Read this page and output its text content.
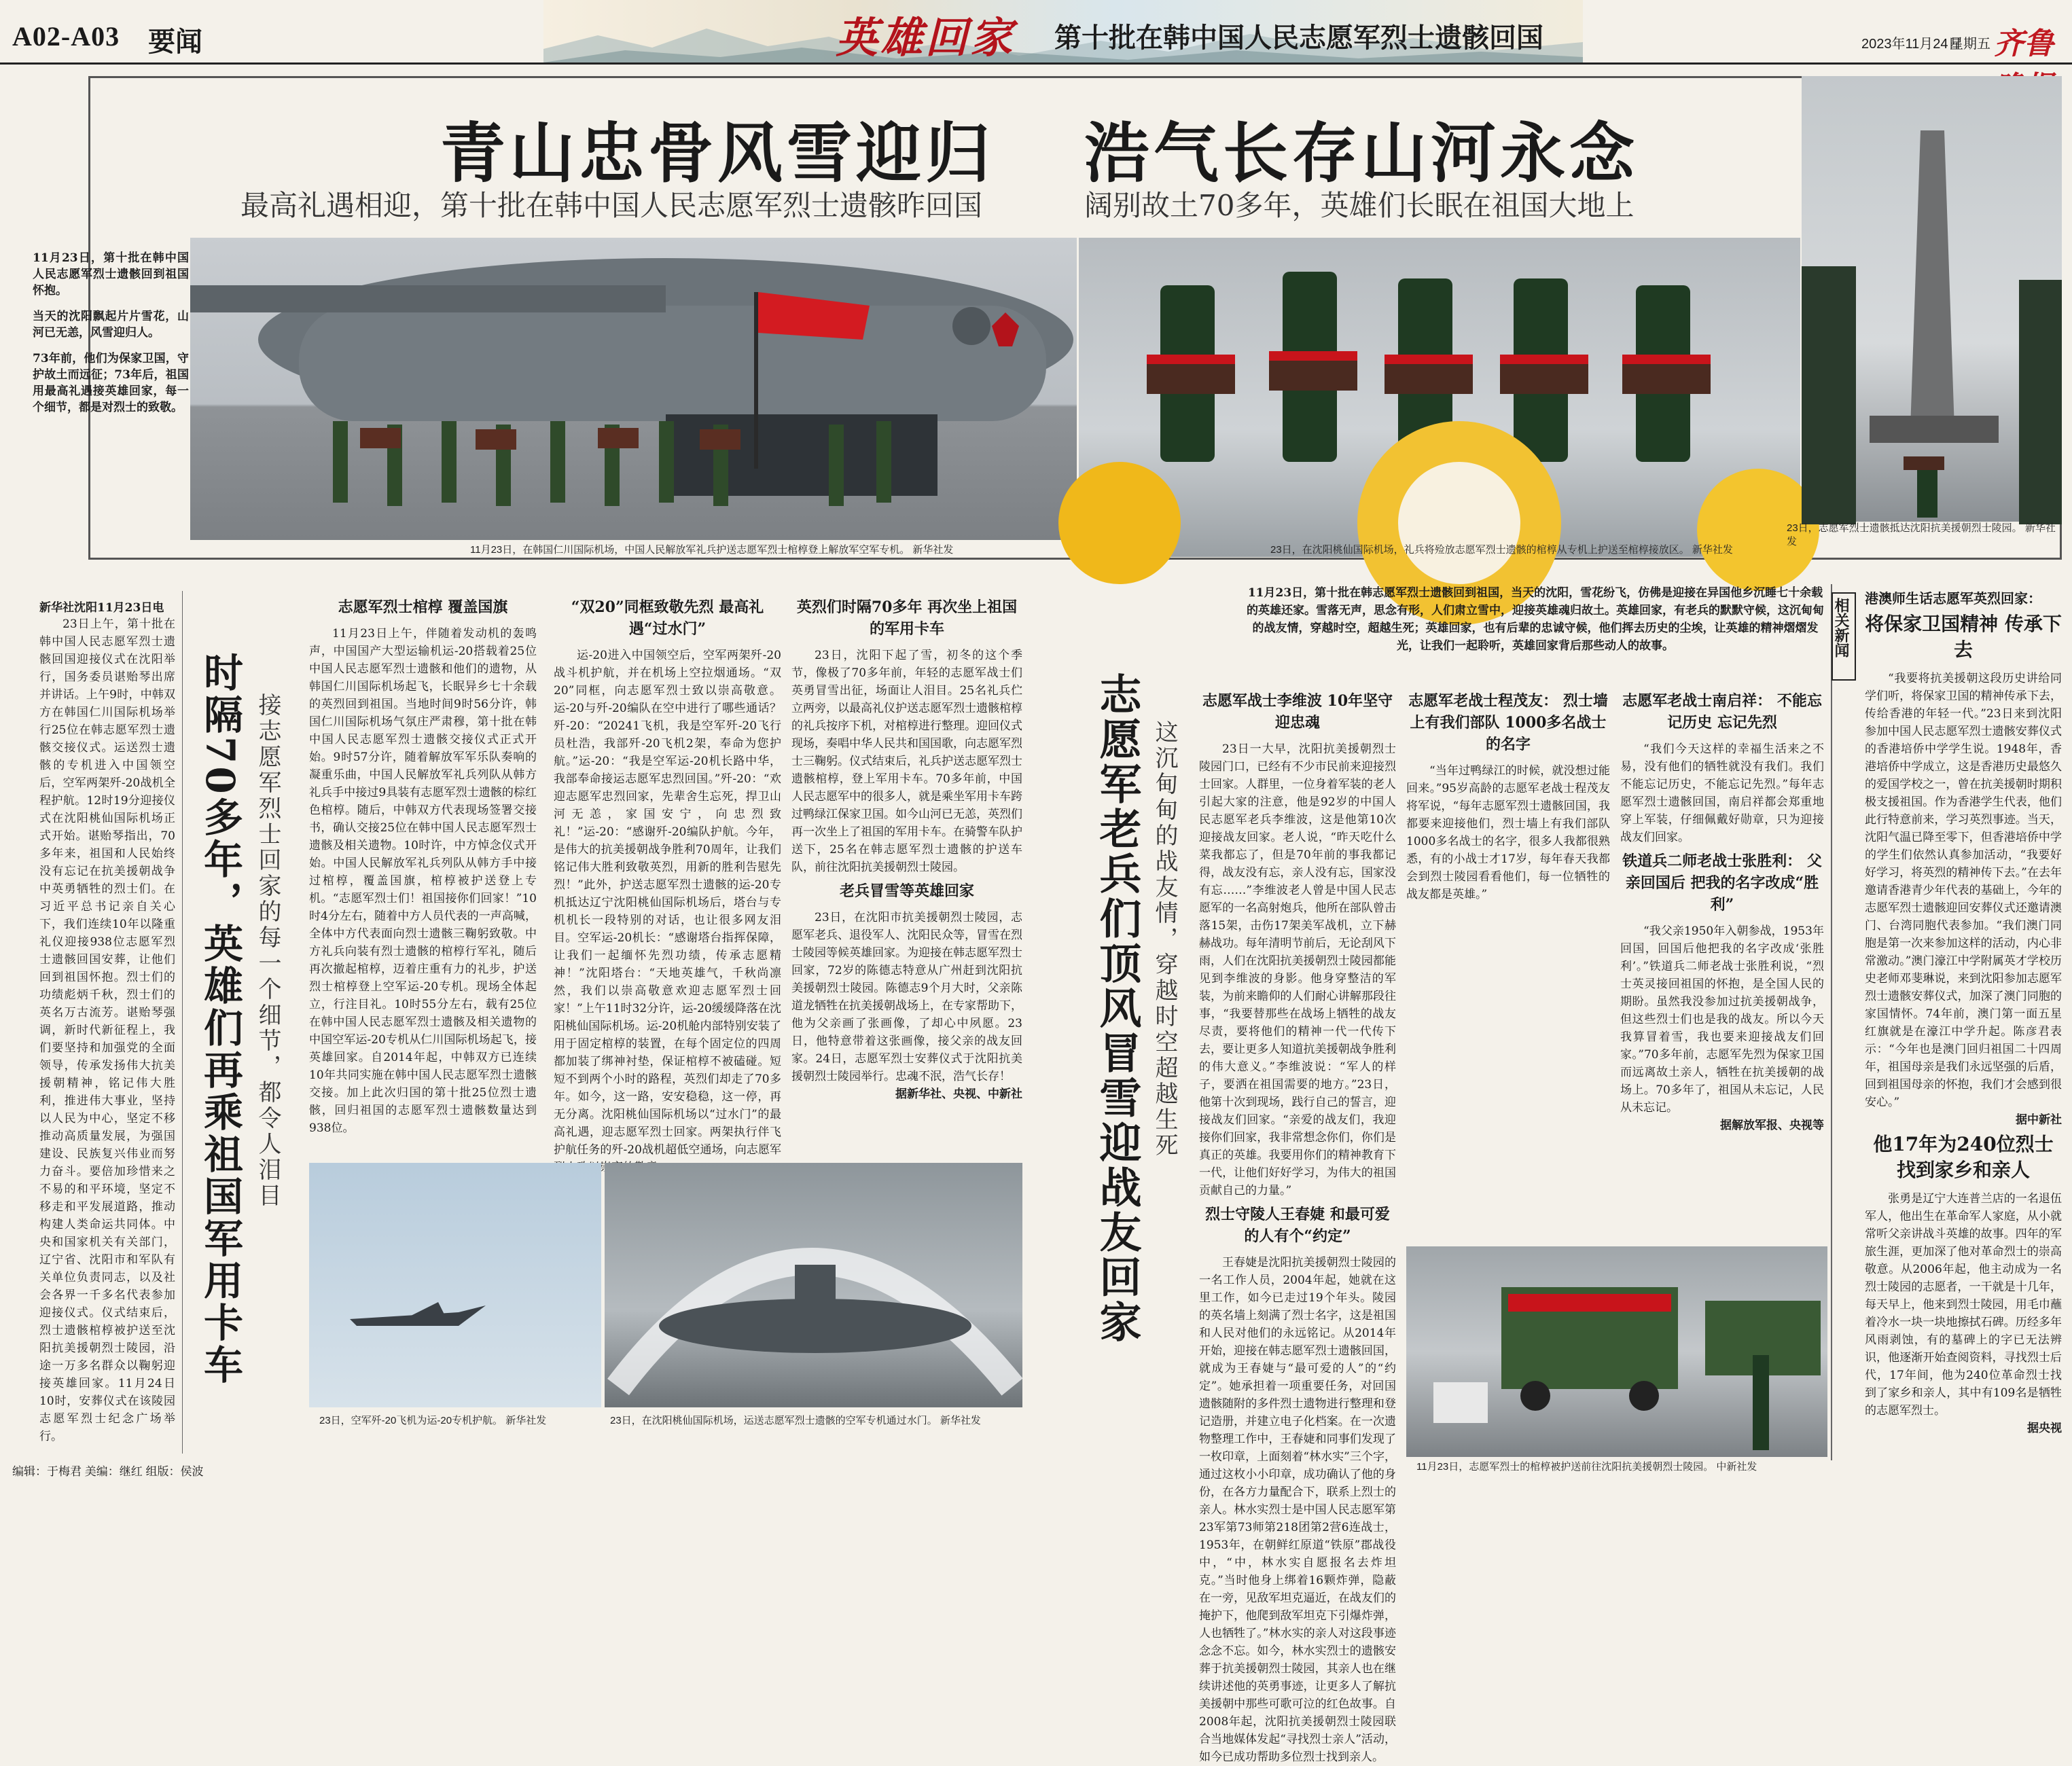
A02-A03 要闻	英雄回家 第十批在韩中国人民志愿军烈士遗骸回国	2023年11月24日
星期五 齐鲁
青山忠骨风雪迎归 浩气长存山河永念
最高礼遇相迎，第十批在韩中国人民志愿军烈士遗骸昨回国	阔别故土70多年，英雄们长眠在祖国大地上

11月23日，第十批在韩中国人民志愿军烈士遗骸回到祖国怀抱。

当天的沈阳飘起片片雪花，山河已无恙，风雪迎归人。

73年前，他们为保家卫国，守护故土而远征；73年后，祖国用最高礼遇接英雄回家，每一个细节，都是对烈士的致敬。

11月23日，在韩国仁川国际机场，中国人民解放军礼兵护送志愿军烈士棺椁登上解放军空军专机。 新华社发	23日，在沈阳桃仙国际机场，礼兵将殓放志愿军烈士遗骸的棺椁从专机上护送至棺椁接放区。 新华社发
23日，志愿军烈士遗骸抵达沈阳抗美援朝烈士陵园。 新华社发
新华社沈阳11月23日电

23日上午，第十批在韩中国人民志愿军烈士遗骸回国迎接仪式在沈阳举行，国务委员谌贻琴出席并讲话。上午9时，中韩双方在韩国仁川国际机场举行25位在韩志愿军烈士遗骸交接仪式。运送烈士遗骸的专机进入中国领空后，空军两架歼-20战机全程护航。12时19分迎接仪式在沈阳桃仙国际机场正式开始。谌贻琴指出，70多年来，祖国和人民始终没有忘记在抗美援朝战争中英勇牺牲的烈士们。在习近平总书记亲自关心下，我们连续10年以隆重礼仪迎接938位志愿军烈士遗骸回国安葬，让他们回到祖国怀抱。烈士们的功绩彪炳千秋，烈士们的英名万古流芳。谌贻琴强调，新时代新征程上，我们要坚持和加强党的全面领导，传承发扬伟大抗美援朝精神，铭记伟大胜利，推进伟大事业，坚持以人民为中心，坚定不移推动高质量发展，为强国建设、民族复兴伟业而努力奋斗。要倍加珍惜来之不易的和平环境，坚定不移走和平发展道路，推动构建人类命运共同体。中央和国家机关有关部门，辽宁省、沈阳市和军队有关单位负责同志，以及社会各界一千多名代表参加迎接仪式。仪式结束后，烈士遗骸棺椁被护送至沈阳抗美援朝烈士陵园，沿途一万多名群众以鞠躬迎接英雄回家。11月24日10时，安葬仪式在该陵园志愿军烈士纪念广场举行。

时隔70多年，英雄们再乘祖国军用卡车 接志愿军烈士回家的每一个细节，都令人泪目
志愿军烈士棺椁 覆盖国旗

11月23日上午，伴随着发动机的轰鸣声，中国国产大型运输机运-20搭载着25位中国人民志愿军烈士遗骸和他们的遗物，从韩国仁川国际机场起飞，长眠异乡七十余载的英烈回到祖国。当地时间9时56分许，韩国仁川国际机场气氛庄严肃穆，第十批在韩中国人民志愿军烈士遗骸交接仪式正式开始。9时57分许，随着解放军军乐队奏响的凝重乐曲，中国人民解放军礼兵列队从韩方礼兵手中接过9具装有志愿军烈士遗骸的棕红色棺椁。随后，中韩双方代表现场签署交接书，确认交接25位在韩中国人民志愿军烈士遗骸及相关遗物。10时许，中方悼念仪式开始。中国人民解放军礼兵列队从韩方手中接过棺椁，覆盖国旗，棺椁被护送登上专机。“志愿军烈士们！祖国接你们回家！”10时4分左右，随着中方人员代表的一声高喊，全体中方代表面向烈士遗骸三鞠躬致敬。中方礼兵向装有烈士遗骸的棺椁行军礼，随后再次撤起棺椁，迈着庄重有力的礼步，护送烈士棺椁登上空军运-20专机。现场全体起立，行注目礼。10时55分左右，载有25位在韩中国人民志愿军烈士遗骸及相关遗物的中国空军运-20专机从仁川国际机场起飞，接英雄回家。自2014年起，中韩双方已连续10年共同实施在韩中国人民志愿军烈士遗骸交接。加上此次归国的第十批25位烈士遗骸，回归祖国的志愿军烈士遗骸数量达到938位。

“双20”同框致敬先烈 最高礼遇“过水门”

运-20进入中国领空后，空军两架歼-20战斗机护航，并在机场上空拉烟通场。“双20”同框，向志愿军烈士致以崇高敬意。运-20与歼-20编队在空中进行了哪些通话？歼-20：“20241飞机，我是空军歼-20飞行员杜浩，我部歼-20飞机2架，奉命为您护航。”运-20：“我是空军运-20机长路中华，我部奉命接运志愿军忠烈回国。”歼-20：“欢迎志愿军忠烈回家，先辈舍生忘死，捍卫山河无恙，家国安宁，向忠烈致礼！”运-20：“感谢歼-20编队护航。今年，是伟大的抗美援朝战争胜利70周年，让我们铭记伟大胜利致敬英烈，用新的胜利告慰先烈！”此外，护送志愿军烈士遗骸的运-20专机抵达辽宁沈阳桃仙国际机场后，塔台与专机机长一段特别的对话，也让很多网友泪目。空军运-20机长：“感谢塔台指挥保障，让我们一起缅怀先烈功绩，传承志愿精神！”沈阳塔台：“天地英雄气，千秋尚凛然，我们以崇高敬意欢迎志愿军烈士回家！”上午11时32分许，运-20缓缓降落在沈阳桃仙国际机场。运-20机舱内部特别安装了用于固定棺椁的装置，在每个固定位的四周都加装了绑神衬垫，保证棺椁不被磕碰。短短不到两个小时的路程，英烈们却走了70多年。如今，这一路，安安稳稳，这一停，再无分离。沈阳桃仙国际机场以“过水门”的最高礼遇，迎志愿军烈士回家。两架执行伴飞护航任务的歼-20战机超低空通场，向志愿军

英烈们时隔70多年 再次坐上祖国的军用卡车

23日，沈阳下起了雪，初冬的这个季节，像极了70多年前，年轻的志愿军战士们英勇冒雪出征，场面让人泪目。25名礼兵伫立两旁，以最高礼仪护送志愿军烈士遗骸棺椁的礼兵按序下机，对棺椁进行整理。迎回仪式现场，奏唱中华人民共和国国歌，向志愿军烈士三鞠躬。仪式结束后，礼兵护送志愿军烈士遗骸棺椁，登上军用卡车。70多年前，中国人民志愿军中的很多人，就是乘坐军用卡车跨过鸭绿江保家卫国。如今山河已无恙，英烈们再一次坐上了祖国的军用卡车。在骑警车队护送下，25名在韩志愿军烈士遗骸的护送车队，前往沈阳抗美援朝烈士陵园。

老兵冒雪等英雄回家

23日，在沈阳市抗美援朝烈士陵园，志愿军老兵、退役军人、沈阳民众等，冒雪在烈士陵园等候英雄回家。为迎接在韩志愿军烈士回家，72岁的陈德志特意从广州赶到沈阳抗美援朝烈士陵园。陈德志9个月大时，父亲陈道龙牺牲在抗美援朝战场上，在专家帮助下，他为父亲画了张画像，了却心中夙愿。23日，他特意带着这张画像，接父亲的战友回家。24日，志愿军烈士安葬仪式于沈阳抗美援朝烈士陵园举行。忠魂不泯，浩气长存！

据新华社、央视、中新社
23日，空军歼-20飞机为运-20专机护航。 新华社发	23日，在沈阳桃仙国际机场，运送志愿军烈士遗骸的空军专机通过水门。 新华社发
11月23日，第十批在韩志愿军烈士遗骸回到祖国，当天的沈阳，雪花纷飞，仿佛是迎接在异国他乡沉睡七十余载的英雄还家。雪落无声，思念有形，人们肃立雪中，迎接英雄魂归故土。英雄回家，有老兵的默默守候，这沉甸甸的战友情，穿越时空，超越生死；英雄回家，也有后辈的忠诚守候，他们挥去历史的尘埃，让英雄的精神熠熠发光，让我们一起聆听，英雄回家背后那些动人的故事。
志愿军老兵们顶风冒雪迎战友回家 这沉甸甸的战友情，穿越时空超越生死
志愿军战士李维波 10年坚守迎忠魂

23日一大早，沈阳抗美援朝烈士陵园门口，已经有不少市民前来迎接烈士回家。人群里，一位身着军装的老人引起大家的注意，他是92岁的中国人民志愿军老兵李维波，这是他第10次迎接战友回家。老人说，“昨天吃什么菜我都忘了，但是70年前的事我都记得，战友没有忘，亲人没有忘，国家没有忘……”李维波老人曾是中国人民志愿军的一名高射炮兵，他所在部队曾击落15架，击伤17架美军战机，立下赫赫战功。每年清明节前后，无论刮风下雨，人们在沈阳抗美援朝烈士陵园都能见到李维波的身影。他身穿整洁的军装，为前来瞻仰的人们耐心讲解那段往事，“我要替那些在战场上牺牲的战友尽责，要将他们的精神一代一代传下去，要让更多人知道抗美援朝战争胜利的伟大意义。”李维波说：“军人的样子，要洒在祖国需要的地方。”23日，他第十次到现场，践行自己的誓言，迎接战友们回家。“亲爱的战友们，我迎接你们回家，我非常想念你们，你们是真正的英雄。我要用你们的精神教育下一代，让他们好好学习，为伟大的祖国贡献自己的力量。”

烈士守陵人王春婕 和最可爱的人有个“约定”

王春婕是沈阳抗美援朝烈士陵园的一名工作人员，2004年起，她就在这里工作，如今已走过19个年头。陵园的英名墙上刻满了烈士名字，这是祖国和人民对他们的永远铭记。从2014年开始，迎接在韩志愿军烈士遗骸回国，就成为王春婕与“最可爱的人”的“约定”。她承担着一项重要任务，对回国遗骸随附的多件烈士遗物进行整理和登记造册，并建立电子化档案。在一次遗物整理工作中，王春婕和同事们发现了一枚印章，上面刻着“林水实”三个字，通过这枚小小印章，成功确认了他的身份，在各方力量配合下，联系上烈士的亲人。林水实烈士是中国人民志愿军第23军第73师第218团第2营6连战士，1953年，在朝鲜红原道“铁原”郡战役中，“中，林水实自愿报名去炸坦克。”当时他身上绑着16颗炸弹，隐蔽在一旁，见敌军坦克逼近，在战友们的掩护下，他爬到敌军坦克下引爆炸弹，人也牺牲了。”林水实的亲人对这段事迹念念不忘。如今，林水实烈士的遗骸安葬于抗美援朝烈士陵园，其亲人也在继续讲述他的英勇事迹，让更多人了解抗美援朝中那些可歌可泣的红色故事。自2008年起，沈阳抗美援朝烈士陵园联合当地媒体发起“寻找烈士亲人”活动，如今已成功帮助多位烈士找到亲人。

志愿军老战士程茂友： 烈士墙上有我们部队 1000多名战士的名字

“当年过鸭绿江的时候，就没想过能回来。”95岁高龄的志愿军老战士程茂友将军说，“每年志愿军烈士遗骸回国，我都要来迎接他们，烈士墙上有我们部队1000多名战士的名字，很多人我都很熟悉，有的小战士才17岁，每年春天我都会到烈士陵园看看他们，每一位牺牲的战友都是英雄。”

志愿军老战士南启祥： 不能忘记历史 忘记先烈

“我们今天这样的幸福生活来之不易，没有他们的牺牲就没有我们。我们不能忘记历史，不能忘记先烈。”每年志愿军烈士遗骸回国，南启祥都会郑重地穿上军装，仔细佩戴好勋章，只为迎接战友们回家。

铁道兵二师老战士张胜利： 父亲回国后 把我的名字改成“胜利”

“我父亲1950年入朝参战，1953年回国，回国后他把我的名字改成‘张胜利’。”铁道兵二师老战士张胜利说，“烈士英灵接回祖国的怀抱，是全国人民的期盼。虽然我没参加过抗美援朝战争，但这些烈士们也是我的战友。所以今天我算冒着雪，我也要来迎接战友们回家。”70多年前，志愿军先烈为保家卫国而远离故土亲人，牺牲在抗美援朝的战场上。70多年了，祖国从未忘记，人民从未忘记。

据解放军报、央视等
11月23日，志愿军烈士的棺椁被护送前往沈阳抗美援朝烈士陵园。 中新社发
相关新闻	港澳师生话志愿军英烈回家：
将保家卫国精神 传承下去

“我要将抗美援朝这段历史讲给同学们听，将保家卫国的精神传承下去，传给香港的年轻一代。”23日来到沈阳参加中国人民志愿军烈士遗骸安葬仪式的香港培侨中学学生说。1948年，香港培侨中学成立，这是香港历史最悠久的爱国学校之一，曾在抗美援朝时期积极支援祖国。作为香港学生代表，他们此行特意前来，学习英烈事迹。当天，沈阳气温已降至零下，但香港培侨中学的学生们依然认真参加活动，“我要好好学习，将英烈的精神传下去。”在去年邀请香港青少年代表的基础上，今年的志愿军烈士遗骸迎回安葬仪式还邀请澳门、台湾同胞代表参加。“我们澳门同胞是第一次来参加这样的活动，内心非常激动。”澳门濠江中学附属英才学校历史老师邓斐琳说，来到沈阳参加志愿军烈士遗骸安葬仪式，加深了澳门同胞的家国情怀。74年前，澳门第一面五星红旗就是在濠江中学升起。陈彦君表示：“今年也是澳门回归祖国二十四周年，祖国母亲是我们永远坚强的后盾，回到祖国母亲的怀抱，我们才会感到很安心。”

据中新社
他17年为240位烈士 找到家乡和亲人

张勇是辽宁大连普兰店的一名退伍军人，他出生在革命军人家庭，从小就常听父亲讲战斗英雄的故事。四年的军旅生涯，更加深了他对革命烈士的崇高敬意。从2006年起，他主动成为一名烈士陵园的志愿者，一干就是十几年，每天早上，他来到烈士陵园，用毛巾蘸着冷水一块一块地擦拭石碑。历经多年风雨剥蚀，有的墓碑上的字已无法辨识，他逐渐开始查阅资料，寻找烈士后代，17年间，他为240位革命烈士找到了家乡和亲人，其中有109名是牺牲的志愿军烈士。

据央视
编辑：于梅君 美编：继红 组版：侯波
